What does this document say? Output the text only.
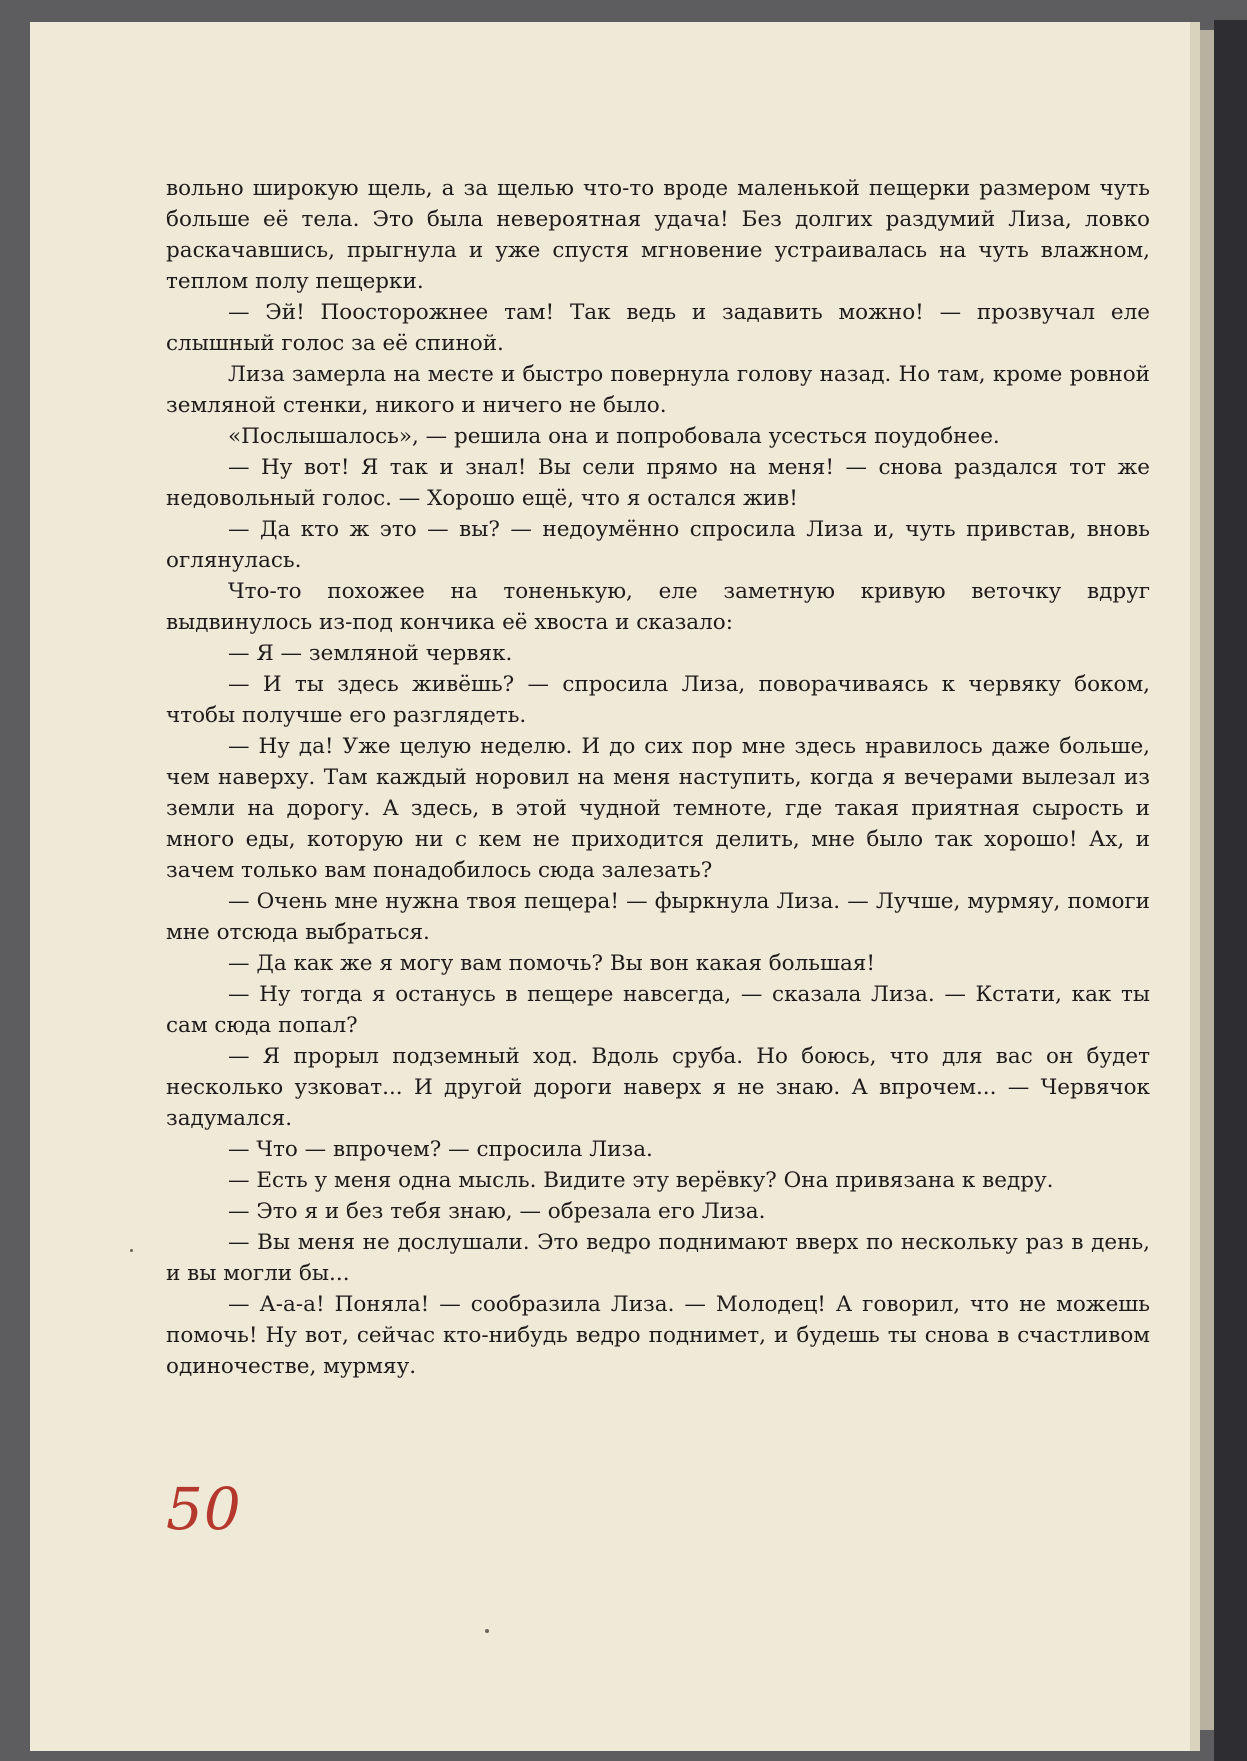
вольно широкую щель, а за щелью что-то вроде маленькой пещерки размером чуть больше её тела. Это была невероятная удача! Без долгих раздумий Лиза, ловко раскачавшись, прыгнула и уже спустя мгновение устраивалась на чуть влажном, теплом полу пещерки.

— Эй! Поосторожнее там! Так ведь и задавить можно! — прозвучал еле слышный голос за её спиной.

Лиза замерла на месте и быстро повернула голову назад. Но там, кроме ровной земляной стенки, никого и ничего не было.

«Послышалось», — решила она и попробовала усесться поудобнее.

— Ну вот! Я так и знал! Вы сели прямо на меня! — снова раздался тот же недовольный голос. — Хорошо ещё, что я остался жив!

— Да кто ж это — вы? — недоумённо спросила Лиза и, чуть привстав, вновь оглянулась.

Что-то похожее на тоненькую, еле заметную кривую веточку вдруг выдвинулось из-под кончика её хвоста и сказало:

— Я — земляной червяк.

— И ты здесь живёшь? — спросила Лиза, поворачиваясь к червяку боком, чтобы получше его разглядеть.

— Ну да! Уже целую неделю. И до сих пор мне здесь нравилось даже больше, чем наверху. Там каждый норовил на меня наступить, когда я вечерами вылезал из земли на дорогу. А здесь, в этой чудной темноте, где такая приятная сырость и много еды, которую ни с кем не приходится делить, мне было так хорошо! Ах, и зачем только вам понадобилось сюда залезать?

— Очень мне нужна твоя пещера! — фыркнула Лиза. — Лучше, мурмяу, помоги мне отсюда выбраться.

— Да как же я могу вам помочь? Вы вон какая большая!

— Ну тогда я останусь в пещере навсегда, — сказала Лиза. — Кстати, как ты сам сюда попал?

— Я прорыл подземный ход. Вдоль сруба. Но боюсь, что для вас он будет несколько узковат... И другой дороги наверх я не знаю. А впрочем... — Червячок задумался.

— Что — впрочем? — спросила Лиза.

— Есть у меня одна мысль. Видите эту верёвку? Она привязана к ведру.

— Это я и без тебя знаю, — обрезала его Лиза.

— Вы меня не дослушали. Это ведро поднимают вверх по нескольку раз в день, и вы могли бы...

— А-а-а! Поняла! — сообразила Лиза. — Молодец! А говорил, что не можешь помочь! Ну вот, сейчас кто-нибудь ведро поднимет, и будешь ты снова в счастливом одиночестве, мурмяу.

50
